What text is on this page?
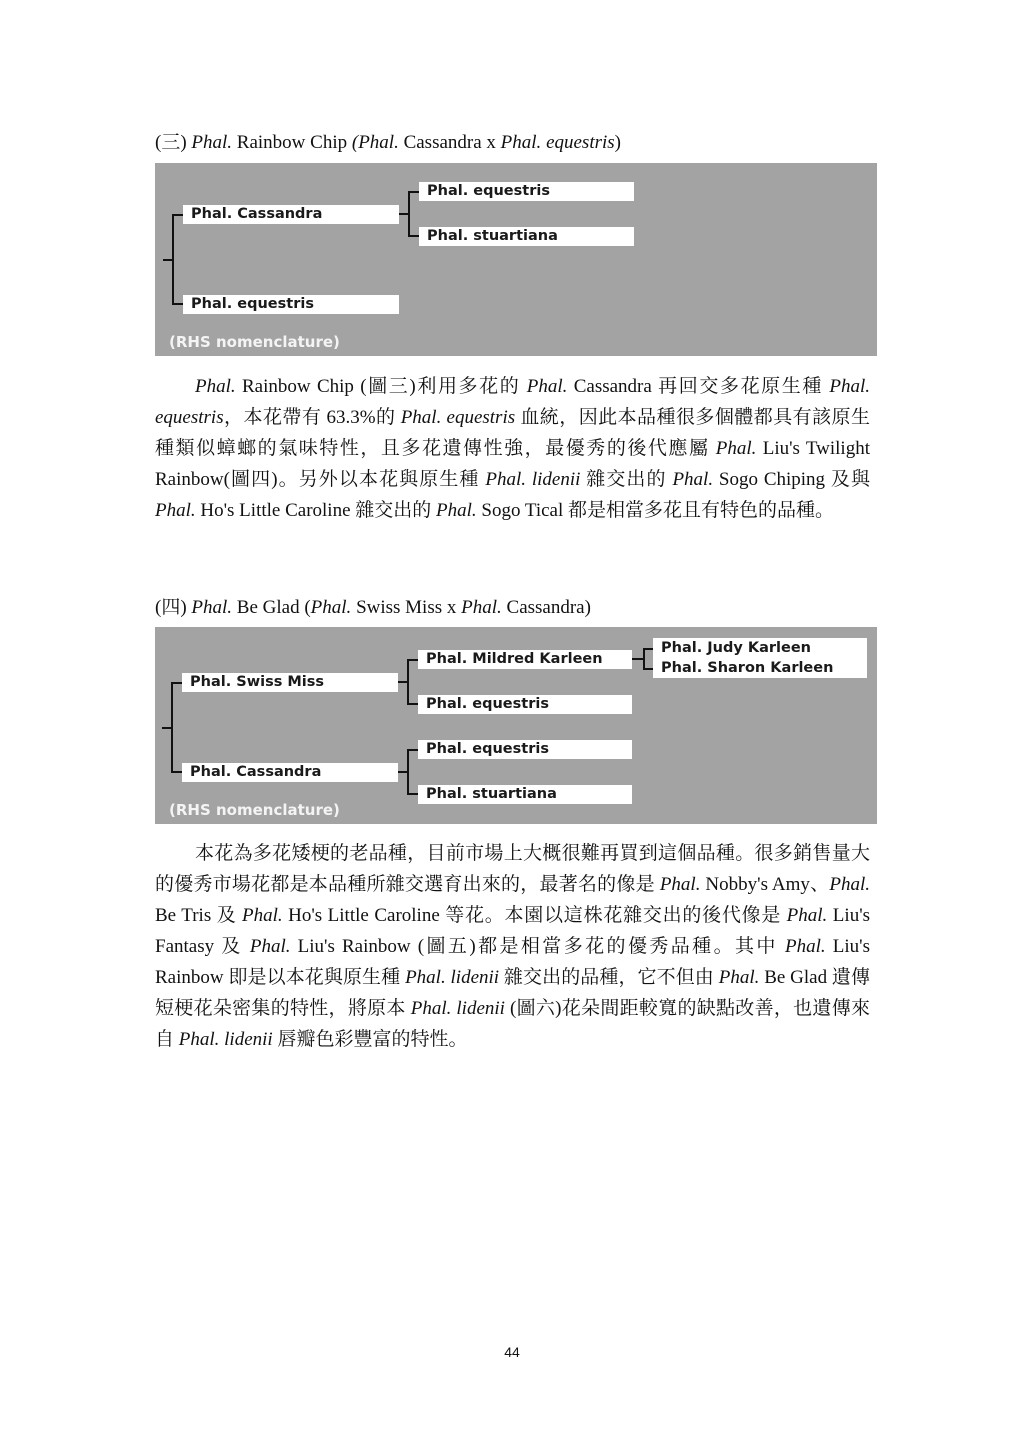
(三) Phal. Rainbow Chip (Phal. Cassandra x Phal. equestris)
Phal. Cassandra
Phal. equestris
Phal. equestris
Phal. stuartiana
(RHS nomenclature)

Phal. Rainbow Chip (圖三)利用多花的 Phal. Cassandra 再回交多花原生種 Phal. equestris，本花帶有 63.3%的 Phal. equestris 血統，因此本品種很多個體都具有該原生種類似蟑螂的氣味特性，且多花遺傳性強，最優秀的後代應屬 Phal. Liu's Twilight Rainbow(圖四)。另外以本花與原生種 Phal. lidenii 雜交出的 Phal. Sogo Chiping 及與 Phal. Ho's Little Caroline 雜交出的 Phal. Sogo Tical 都是相當多花且有特色的品種。

(四) Phal. Be Glad (Phal. Swiss Miss x Phal. Cassandra)
Phal. Swiss Miss
Phal. Cassandra
Phal. Mildred Karleen
Phal. equestris
Phal. equestris
Phal. stuartiana
Phal. Judy Karleen
Phal. Sharon Karleen
(RHS nomenclature)

本花為多花矮梗的老品種，目前市場上大概很難再買到這個品種。很多銷售量大的優秀市場花都是本品種所雜交選育出來的，最著名的像是 Phal. Nobby's Amy、Phal. Be Tris 及 Phal. Ho's Little Caroline 等花。本園以這株花雜交出的後代像是 Phal. Liu's Fantasy 及 Phal. Liu's Rainbow (圖五)都是相當多花的優秀品種。其中 Phal. Liu's Rainbow 即是以本花與原生種 Phal. lidenii 雜交出的品種，它不但由 Phal. Be Glad 遺傳短梗花朵密集的特性，將原本 Phal. lidenii (圖六)花朵間距較寬的缺點改善，也遺傳來自 Phal. lidenii 唇瓣色彩豐富的特性。

44
